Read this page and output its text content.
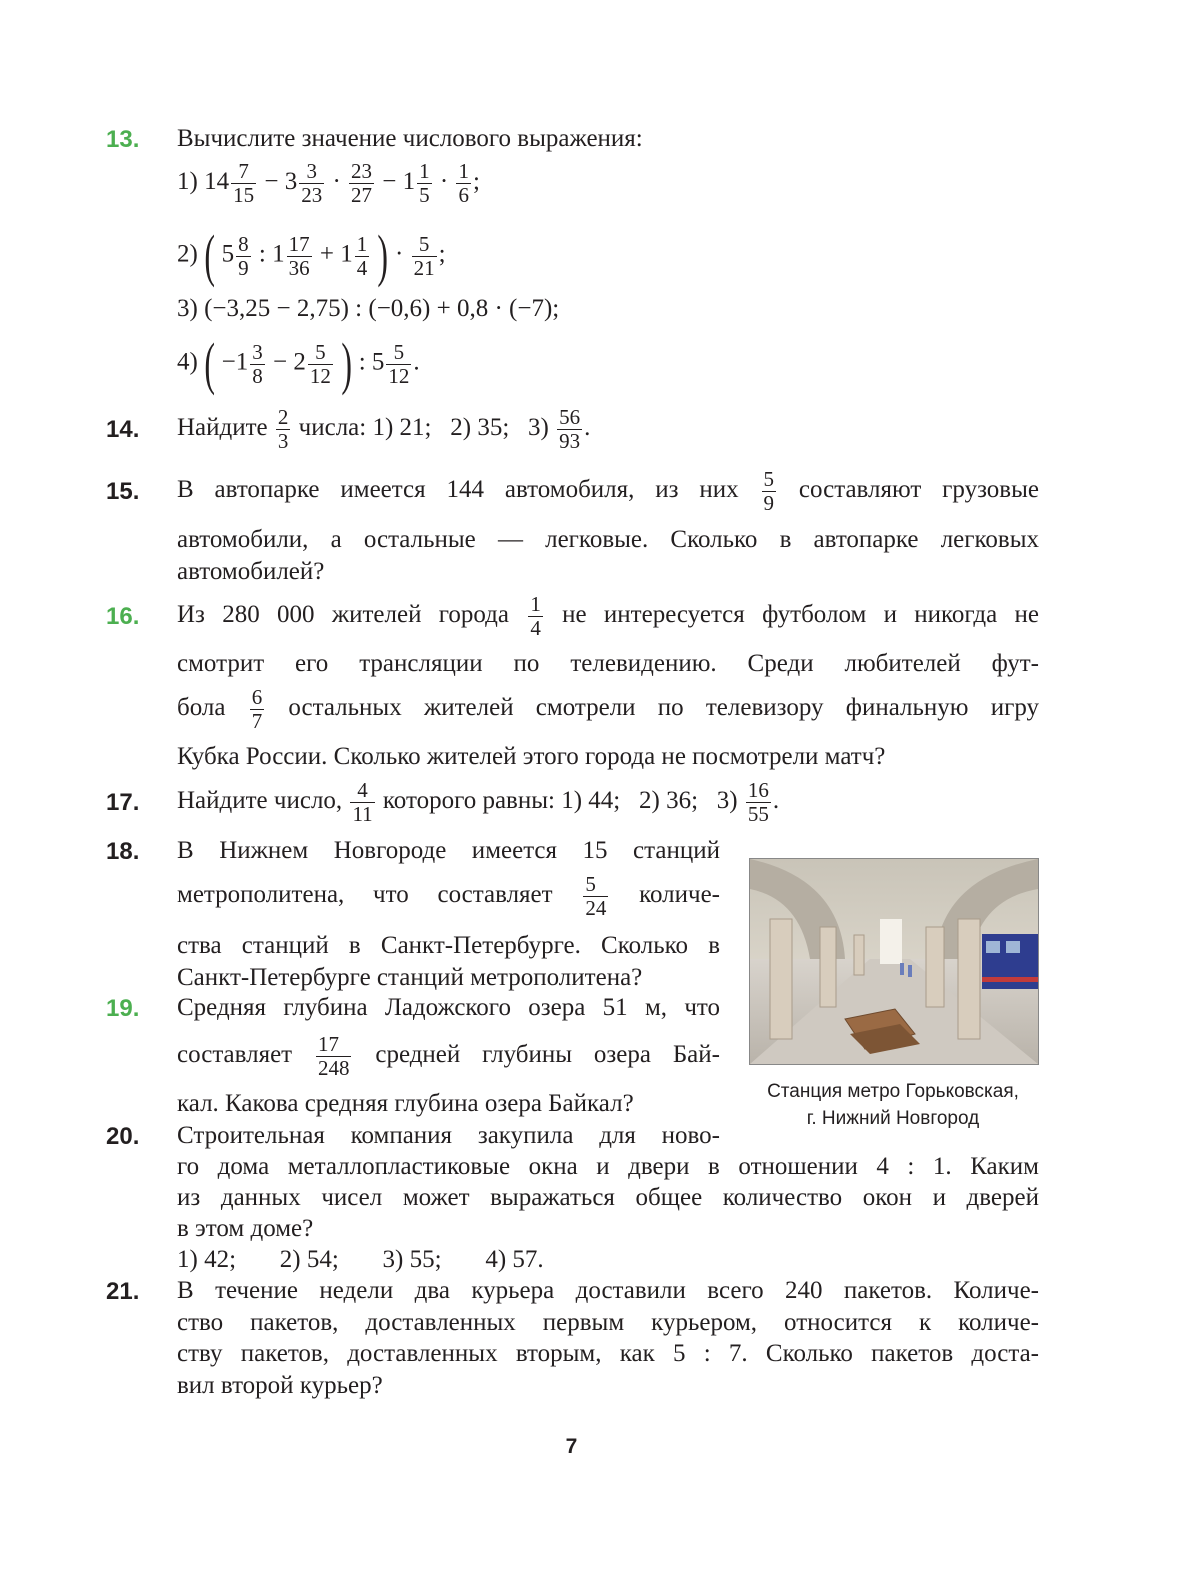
13. Вычислите значение числового выражения:
1) $14 \frac{7}{15} - 3 \frac{3}{23} \cdot \frac{23}{27} - 1 \frac{1}{5} \cdot \frac{1}{6}$ ;
2) ( $5 \frac{8}{9}$ : $1 \frac{17}{36} + 1 \frac{1}{4}$ ) · $\frac{5}{21}$ ;
3) (−3,25 − 2,75) : (−0,6) + 0,8 · (−7);
4) ( $-1 \frac{3}{8} - 2 \frac{5}{12}$ ) : $5 \frac{5}{12}$ .
14. Найдите $\frac{2}{3}$ числа: 1) 21;   2) 35;   $3) \frac{56}{93}$ .
15. В автопарке имеется 144 автомобиля, из них $\frac{5}{9}$ составляют грузовые
автомобили, а остальные — легковые. Сколько в автопарке легковых
автомобилей?
16. Из 280 000 жителей города $\frac{1}{4}$ не интересуется футболом и никогда не
смотрит его трансляции по телевидению. Среди любителей фут-
бола $\frac{6}{7}$ остальных жителей смотрели по телевизору финальную игру
Кубка России. Сколько жителей этого города не посмотрели матч?
17. Найдите число, $\frac{4}{11}$ которого равны: 1) 44;   2) 36;   $3) \frac{16}{55}$ .
18. В Нижнем Новгороде имеется 15 станций
метрополитена, что составляет $\frac{5}{24}$ количе-
ства станций в Санкт-Петербурге. Сколько в
Санкт-Петербурге станций метрополитена?
19. Средняя глубина Ладожского озера 51 м, что
составляет $\frac{17}{248}$ средней глубины озера Бай-
кал. Какова средняя глубина озера Байкал?	Станция метро Горьковская,
г. Нижний Новгород
20. Строительная компания закупила для ново-
го дома металлопластиковые окна и двери в отношении 4 : 1. Каким
из данных чисел может выражаться общее количество окон и дверей
в этом доме?
1) 42;       2) 54;       3) 55;       4) 57.
21. В течение недели два курьера доставили всего 240 пакетов. Количе-
ство пакетов, доставленных первым курьером, относится к количе-
ству пакетов, доставленных вторым, как 5 : 7. Сколько пакетов доста-
вил второй курьер?
7
